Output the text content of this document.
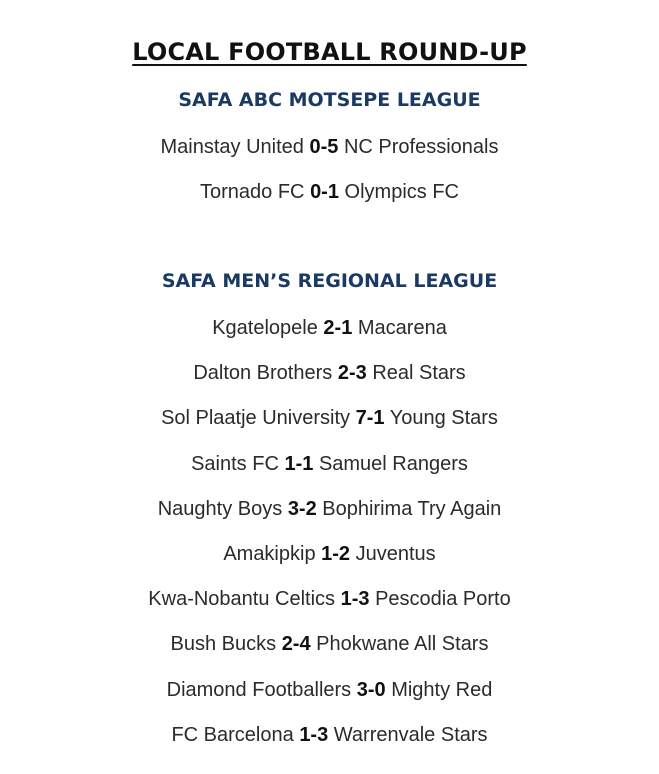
LOCAL FOOTBALL ROUND-UP
SAFA ABC MOTSEPE LEAGUE
Mainstay United 0-5 NC Professionals
Tornado FC 0-1 Olympics FC
SAFA MEN’S REGIONAL LEAGUE
Kgatelopele 2-1 Macarena
Dalton Brothers 2-3 Real Stars
Sol Plaatje University 7-1 Young Stars
Saints FC 1-1 Samuel Rangers
Naughty Boys 3-2 Bophirima Try Again
Amakipkip 1-2 Juventus
Kwa-Nobantu Celtics 1-3 Pescodia Porto
Bush Bucks 2-4 Phokwane All Stars
Diamond Footballers 3-0 Mighty Red
FC Barcelona 1-3 Warrenvale Stars
